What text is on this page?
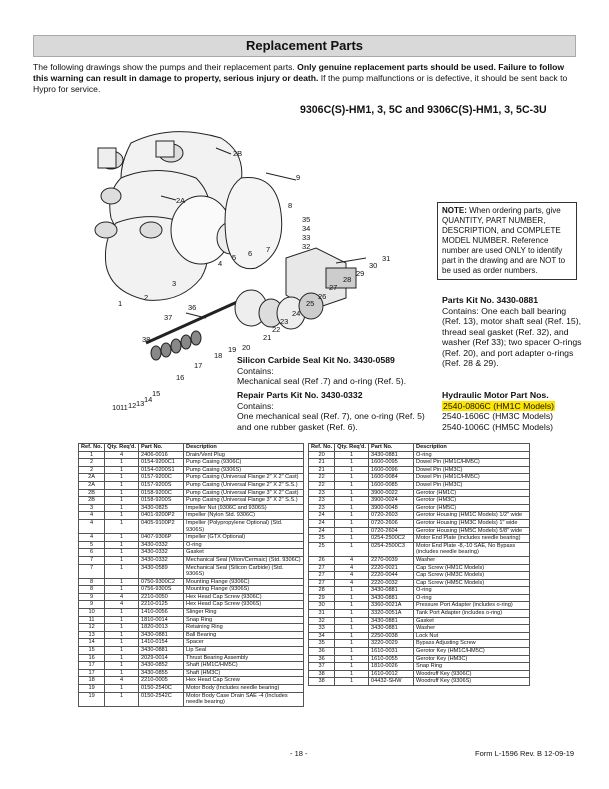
Replacement Parts
The following drawings show the pumps and their replacement parts. Only genuine replacement parts should be used. Failure to follow this warning can result in damage to property, serious injury or death. If the pump malfunctions or is defective, it should be sent back to Hypro for service.
9306C(S)-HM1, 3, 5C and 9306C(S)-HM1, 3, 5C-3U
2B
9
2A
35
34
33
32
31
30
29
28
27
26
25
24
23
22
21
20
19
18
17
16
15
14
13
12
11
10
36
37
38
8
7
6
5
4
3
2
1
NOTE: When ordering parts, give QUANTITY, PART NUMBER, DESCRIPTION, and COMPLETE MODEL NUMBER. Reference number are used ONLY to identify part in the drawing and are NOT to be used as order numbers.
Parts Kit No. 3430-0881
Contains: One each ball bearing (Ref. 13), motor shaft seal (Ref. 15), thread seal gasket (Ref. 32), and washer (Ref 33); two spacer O-rings (Ref. 20), and port adapter o-rings (Ref. 28 & 29).
Silicon Carbide Seal Kit No. 3430-0589
Contains:
Mechanical seal (Ref .7) and o-ring (Ref. 5).
Repair Parts Kit No. 3430-0332
Contains:
One mechanical seal (Ref. 7), one o-ring (Ref. 5) and one rubber gasket (Ref. 6).
Hydraulic Motor Part Nos.
2540-0806C (HM1C Models)
2540-1606C (HM3C Models)
2540-1006C (HM5C Models)
Ref. No.	Qty. Req'd.	Part No.	Description
1	4	2406-0016	Drain/Vent Plug
2	1	0154-9200C1	Pump Casing (9306C)
2	1	0154-0200S1	Pump Casing (9306S)
2A	1	0157-9200C	Pump Casing (Universal Flange 2" X 2" Cast)
2A	1	0157-9200S	Pump Casing (Universal Flange 2" X 2" S.S.)
2B	1	0158-9200C	Pump Casing (Universal Flange 3" X 2" Cast)
2B	1	0158-9200S	Pump Casing (Universal Flange 3" X 2" S.S.)
3	1	3430-0825	Impeller Nut (9306C and 9306S)
4	1	0401-9200P2	Impeller (Nylon Std. 9306C)
4	1	0405-9100P2	Impeller (Polypropylene Optional) (Std. 9306S)
4	1	0407-9306P	Impeller (GTX Optional)
5	1	3430-0332	O-ring
6	1	3430-0332	Gasket
7	1	3430-0332	Mechanical Seal (Viton/Cermaic) (Std. 9306C)
7	1	3430-0589	Mechanical Seal (Silicon Carbide) (Std. 9306S)
8	1	0750-9300C2	Mounting Flange (9306C)
8	1	0756-9300S	Mounting Flange (9306S)
9	4	2210-0050	Hex Head Cap Screw (9306C)
9	4	2210-0125	Hex Head Cap Screw (9306S)
10	1	1410-0056	Slinger Ring
11	1	1810-0014	Snap Ring
12	1	1820-0013	Retaining Ring
13	1	3430-0881	Ball Bearing
14	1	1410-0154	Spacer
15	1	3430-0881	Lip Seal
16	1	2029-0014	Thrust Bearing Assembly
17	1	3430-0852	Shaft (HM1C/HM5C)
17	1	3430-0855	Shaft (HM3C)
18	4	2210-0005	Hex Head Cap Screw
19	1	0150-2540C	Motor Body (Includes needle bearing)
19	1	0150-2542C	Motor Body Case Drain SAE -4 (Includes
needle bearing)
Ref. No.	Qty. Req'd.	Part No.	Description
20	1	3430-0881	O-ring
21	1	1600-0095	Dowel Pin (HM1C/HM5C)
21	1	1600-0096	Dowel Pin (HM3C)
22	1	1600-0084	Dowel Pin (HM1C/HM5C)
22	1	1600-0085	Dowel Pin (HM3C)
23	1	3900-0022	Gerotor (HM1C)
23	1	3900-0024	Gerotor (HM3C)
23	1	3900-0048	Gerotor (HM5C)
24	1	0720-2603	Gerotor Housing (HM1C Models) 1/2" wide
24	1	0720-2606	Gerotor Housing (HM3C Models) 1" wide
24	1	0720-2604	Gerotor Housing (HM5C Models) 5/8" wide
25	1	0254-2500C2	Motor End Plate (includes needle bearing)
25	1	0254-2500C3	Motor End Plate -8,-10 SAE, No Bypass
(includes needle bearing)
26	4	2270-0039	Washer
27	4	2220-0021	Cap Screw (HM1C Models)
27	4	2220-0044	Cap Screw (HM3C Models)
27	4	2220-0032	Cap Screw (HM5C Models)
28	1	3430-0881	O-ring
29	1	3430-0881	O-ring
30	1	3360-0021A	Pressure Port Adapter (includes o-ring)
31	1	3320-0051A	Tank Port Adapter (includes o-ring)
32	1	3430-0881	Gasket
33	1	3430-0881	Washer
34	1	2250-0038	Lock Nut
35	1	3220-0029	Bypass Adjusting Screw
36	1	1610-0031	Gerotor Key (HM1C/HM5C)
36	1	1610-0055	Gerotor Key (HM3C)
37	1	1810-0026	Snap Ring
38	1	1610-0012	Woodruff Key (9306C)
38	1	04432-SHW	Woodruff Key (9306S)
- 18 -	Form L-1596 Rev. B 12-09-19
